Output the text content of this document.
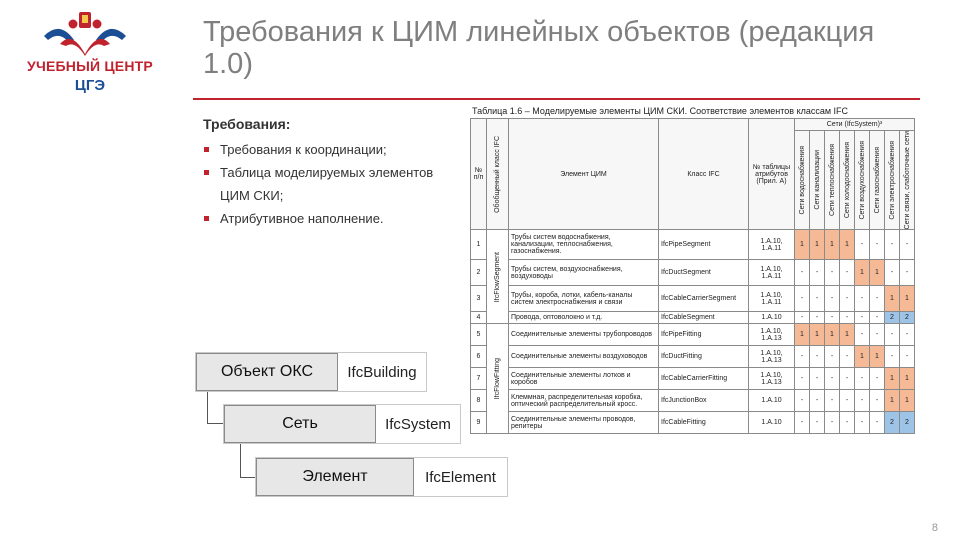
УЧЕБНЫЙ ЦЕНТР
ЦГЭ
Требования к ЦИМ линейных объектов (редакция 1.0)
Требования:
Требования к координации;
Таблица моделируемых элементов ЦИМ СКИ;
Атрибутивное наполнение.
Таблица 1.6 – Моделируемые элементы ЦИМ СКИ. Соответствие элементов классам IFC
№ п/п	Обобщенный класс IFC	Элемент ЦИМ	Класс IFC	№ таблицы атрибутов (Прил. А)	Сети (IfcSystem)³							

					Сети водоснабжения	Сети канализации	Сети теплоснабжения	Сети холодоснабжения	Сети воздухоснабжения	Сети газоснабжения	Сети электроснабжения	Сети связи, слаботочные сети

1	IfcFlowSegment	Трубы систем водоснабжения, канализации, теплоснабжения, газоснабжения.	IfcPipeSegment	1.А.10, 1.А.11	1	1	1	1	-	-	-	-
2		Трубы систем, воздухоснабжения, воздуховоды	IfcDuctSegment	1.А.10, 1.А.11	-	-	-	-	1	1	-	-
3		Трубы, короба, лотки, кабель-каналы систем электроснабжения и связи	IfcCableCarrierSegment	1.А.10, 1.А.11	-	-	-	-	-	-	1	1
4		Провода, оптоволокно и т.д.	IfcCableSegment	1.А.10	-	-	-	-	-	-	2	2
5	IfcFlowFitting	Соединительные элементы трубопроводов	IfcPipeFitting	1.А.10, 1.А.13	1	1	1	1	-	-	-	-
6		Соединительные элементы воздуховодов	IfcDuctFitting	1.А.10, 1.А.13	-	-	-	-	1	1	-	-
7		Соединительные элементы лотков и коробов	IfcCableCarrierFitting	1.А.10, 1.А.13	-	-	-	-	-	-	1	1
8		Клеммная, распределительная коробка, оптический распределительный кросс.	IfcJunctionBox	1.А.10	-	-	-	-	-	-	1	1
9		Соединительные элементы проводов, репитеры	IfcCableFitting	1.А.10	-	-	-	-	-	-	2	2
Объект ОКС	IfcBuilding
Сеть	IfcSystem
Элемент	IfcElement
8
